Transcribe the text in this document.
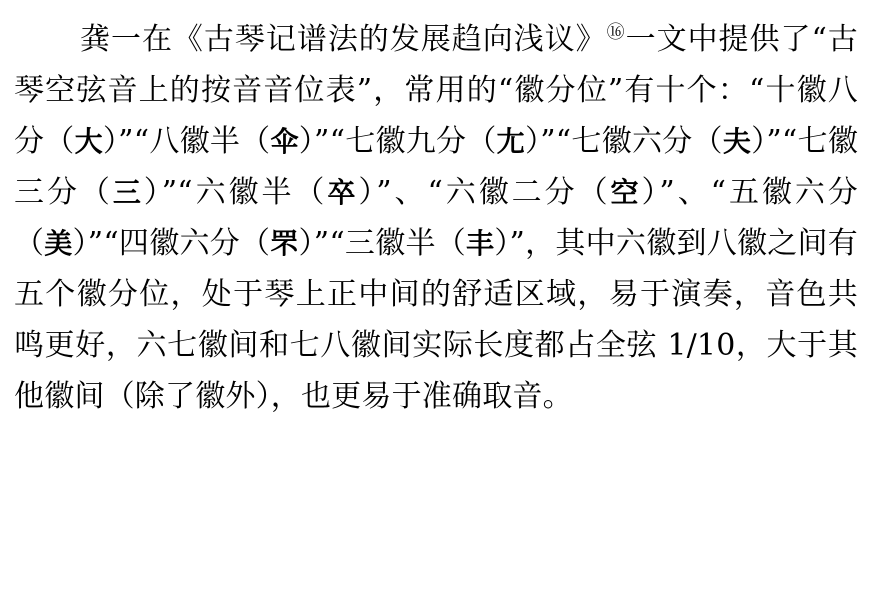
龚一在《古琴记谱法的发展趋向浅议》⑯一文中提供了“古琴空弦音上的按音音位表”，常用的“徽分位”有十个：“十徽八分（大）”“八徽半（伞）”“七徽九分（尢）”“七徽六分（夫）”“七徽三分（三）”“六徽半（卒）”、“六徽二分（空）”、“五徽六分（美）”“四徽六分（罘）”“三徽半（丰）”，其中六徽到八徽之间有五个徽分位，处于琴上正中间的舒适区域，易于演奏，音色共鸣更好，六七徽间和七八徽间实际长度都占全弦 1/10，大于其他徽间（除了徽外），也更易于准确取音。
